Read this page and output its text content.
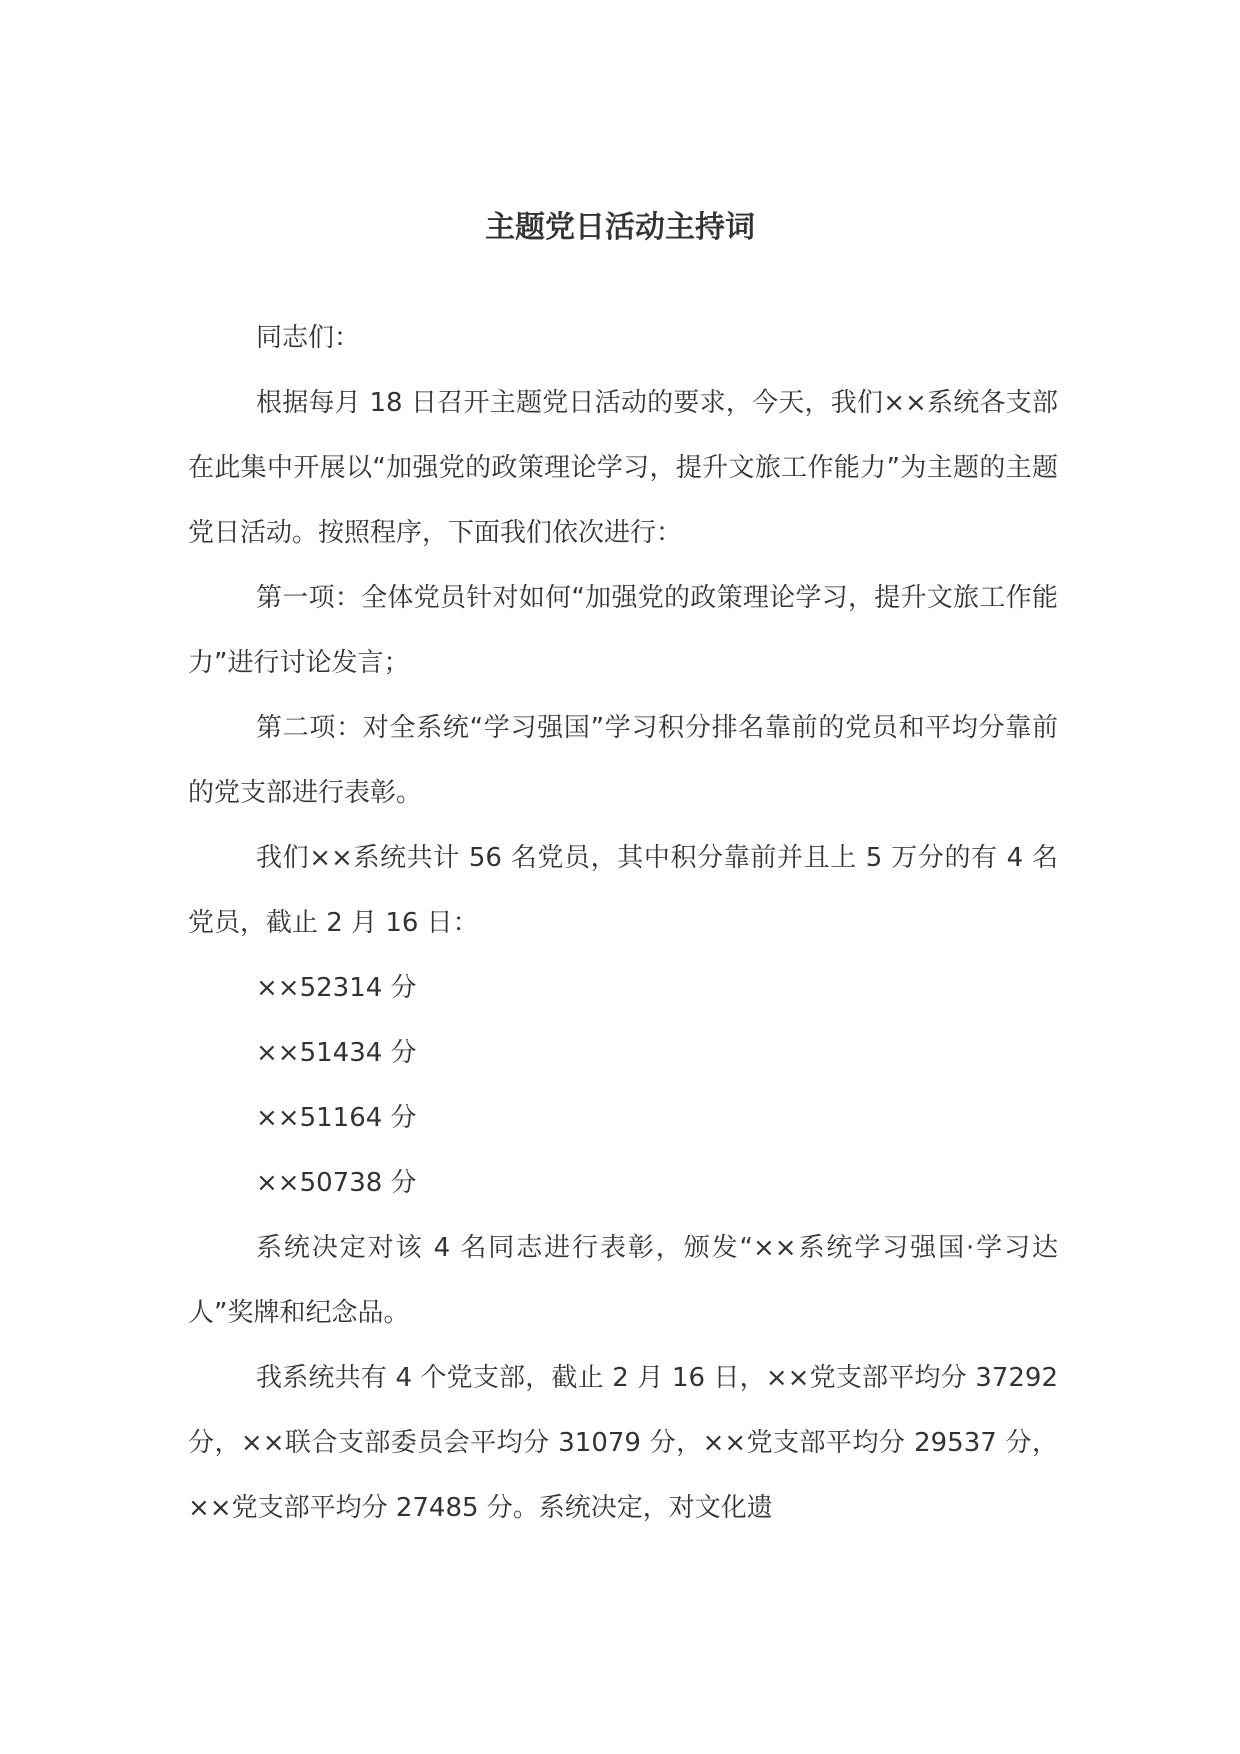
主题党日活动主持词

同志们：

根据每月 18 日召开主题党日活动的要求，今天，我们××系统各支部在此集中开展以“加强党的政策理论学习，提升文旅工作能力”为主题的主题党日活动。按照程序，下面我们依次进行：

第一项：全体党员针对如何“加强党的政策理论学习，提升文旅工作能力”进行讨论发言；

第二项：对全系统“学习强国”学习积分排名靠前的党员和平均分靠前的党支部进行表彰。

我们××系统共计 56 名党员，其中积分靠前并且上 5 万分的有 4 名党员，截止 2 月 16 日：

××52314 分

××51434 分

××51164 分

××50738 分

系统决定对该 4 名同志进行表彰，颁发“××系统学习强国·学习达人”奖牌和纪念品。

我系统共有 4 个党支部，截止 2 月 16 日，××党支部平均分 37292 分，××联合支部委员会平均分 31079 分，××党支部平均分 29537 分，××党支部平均分 27485 分。系统决定，对文化遗
